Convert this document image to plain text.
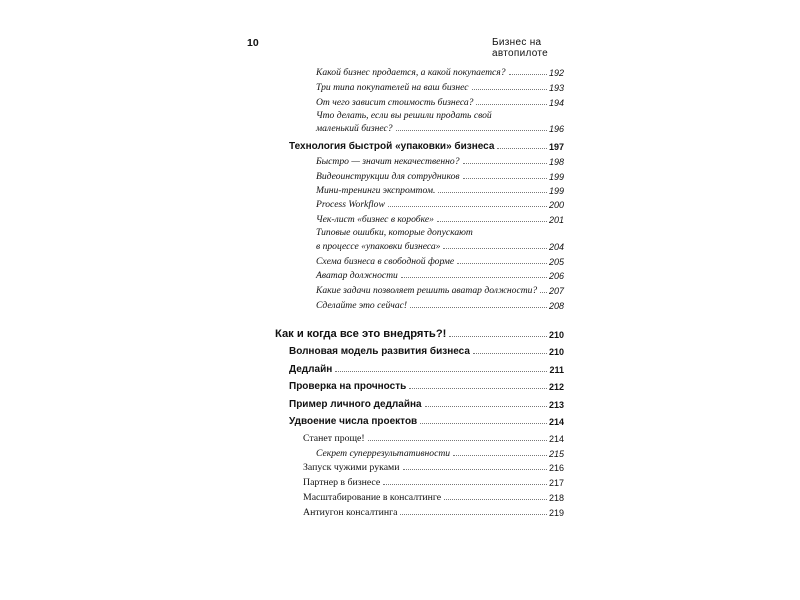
10	Бизнес на автопилоте
Какой бизнес продается, а какой покупается?	192
Три типа покупателей на ваш бизнес	193
От чего зависит стоимость бизнеса?	194
Что делать, если вы решили продать свой
маленький бизнес?	196
Технология быстрой «упаковки» бизнеса	197
Быстро — значит некачественно?	198
Видеоинструкции для сотрудников	199
Мини-тренинги экспромтом.	199
Process Workflow	200
Чек-лист «бизнес в коробке»	201
Типовые ошибки, которые допускают
в процессе «упаковки бизнеса»	204
Схема бизнеса в свободной форме	205
Аватар должности	206
Какие задачи позволяет решить аватар должности? 207
Сделайте это сейчас!	208
Как и когда все это внедрять?!	210
Волновая модель развития бизнеса	210
Дедлайн	211
Проверка на прочность	212
Пример личного дедлайна	213
Удвоение числа проектов	214
Станет проще!	214
Секрет суперрезультативности	215
Запуск чужими руками	216
Партнер в бизнесе	217
Масштабирование в консалтинге	218
Антиугон консалтинга	219
